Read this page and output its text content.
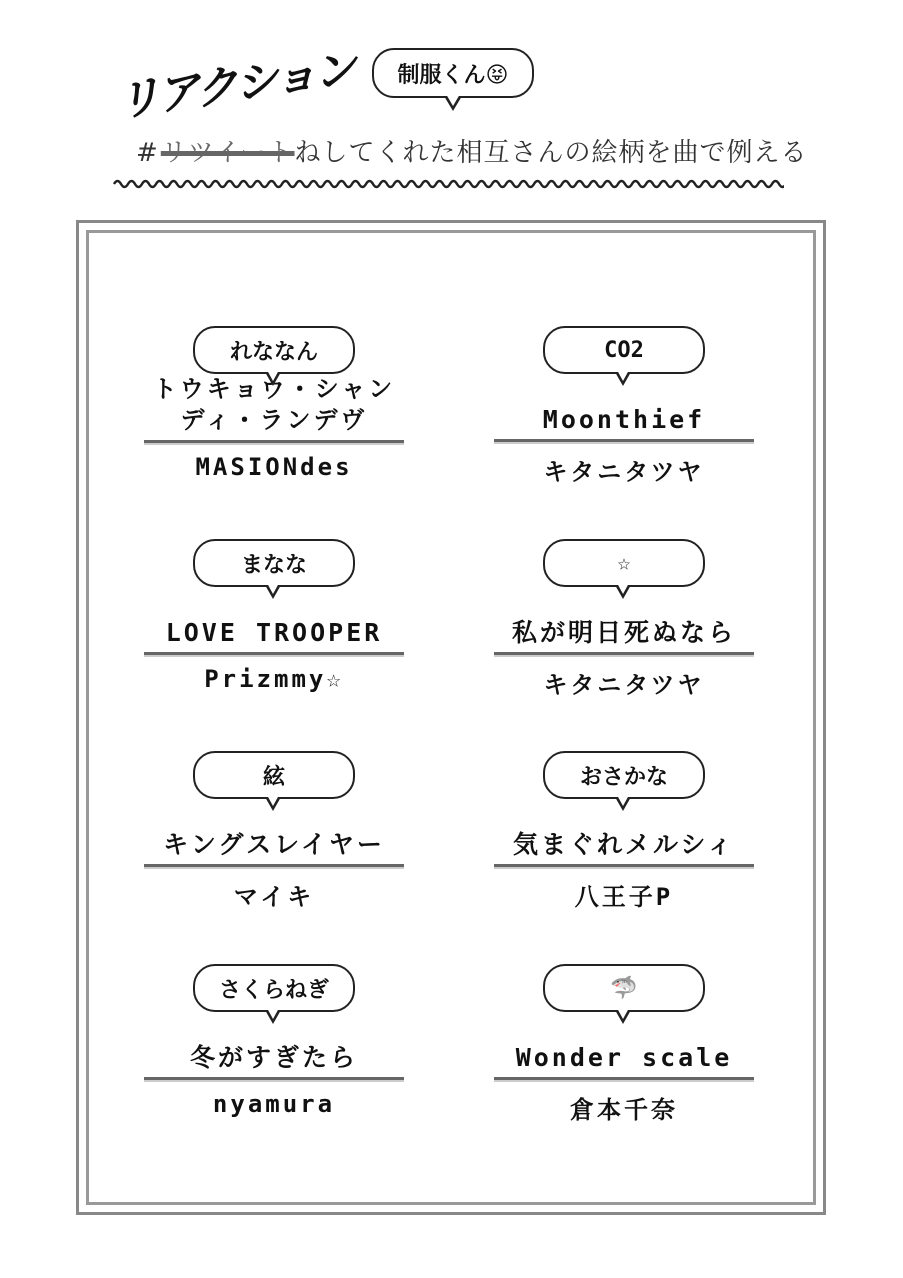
リアクション 制服くん😝
#リツイートねしてくれた相互さんの絵柄を曲で例える
れななん
トウキョウ・シャン
ディ・ランデヴ
MASIONdes
CO2
Moonthief
キタニタツヤ
まなな
LOVE TROOPER
Prizmmy☆
☆
私が明日死ぬなら
キタニタツヤ
絃
キングスレイヤー
マイキ
おさかな
気まぐれメルシィ
八王子P
さくらねぎ
冬がすぎたら
nyamura
🦈
Wonder scale
倉本千奈
